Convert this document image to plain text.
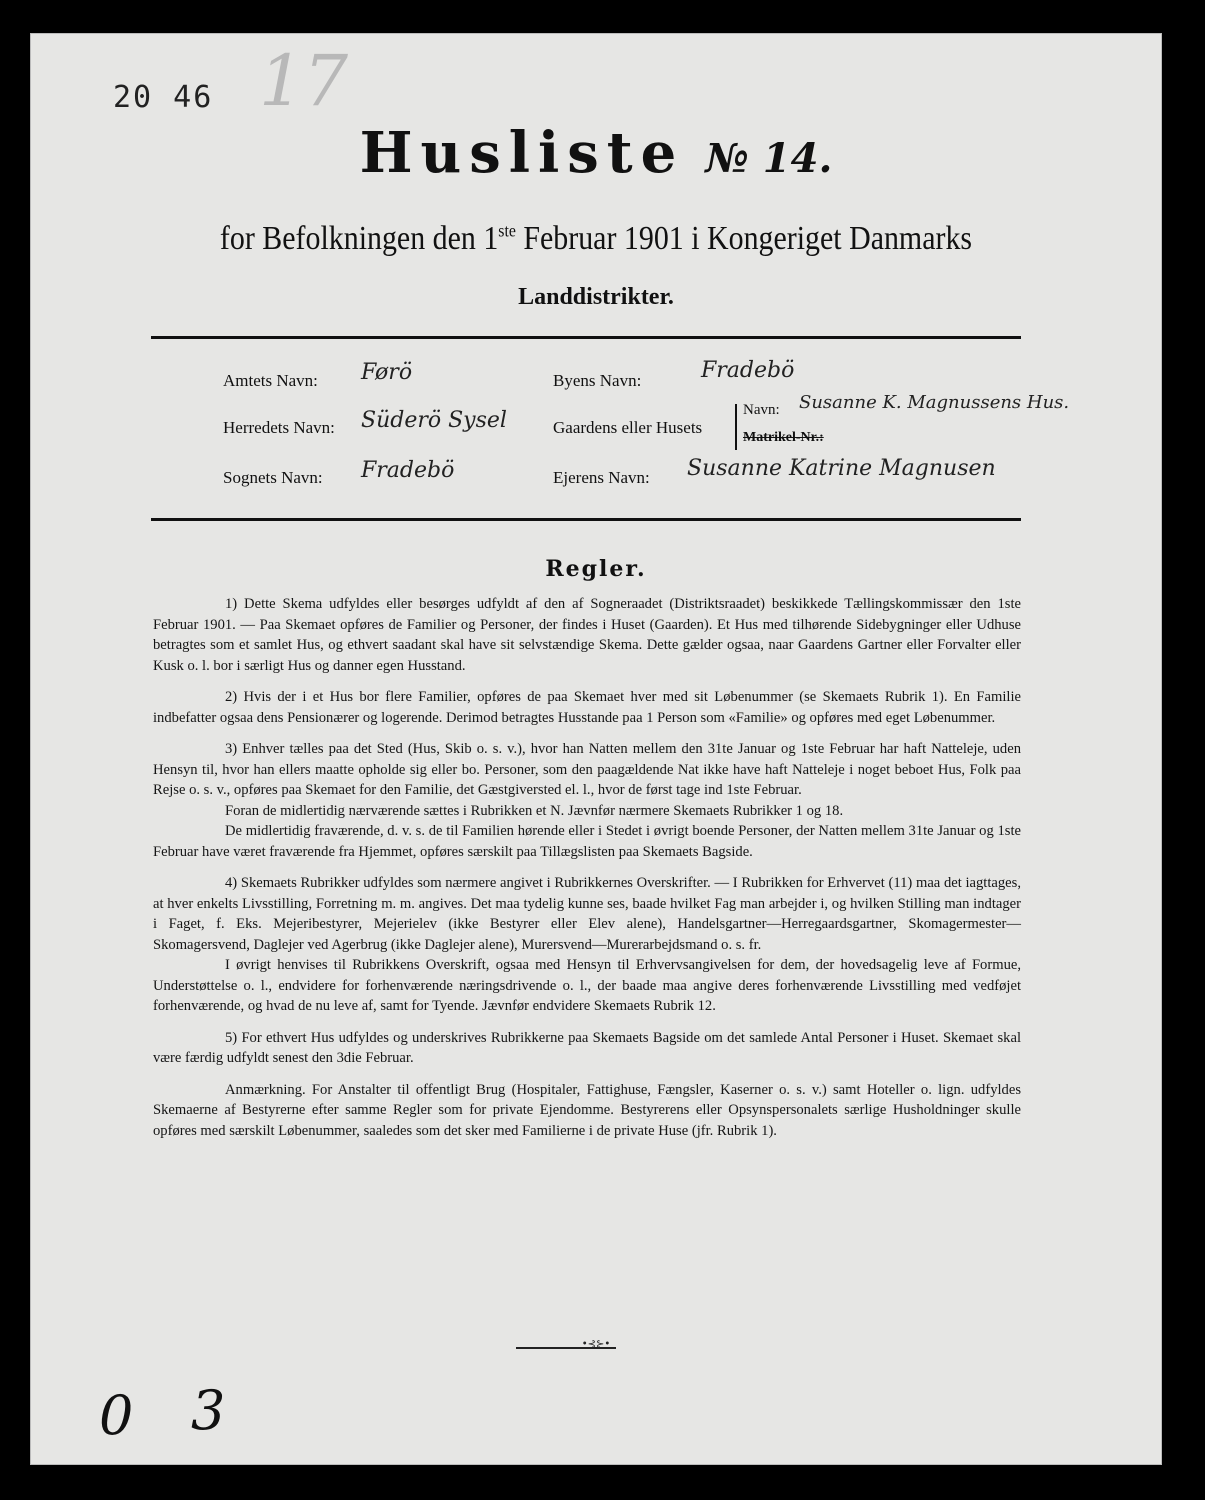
20 46 17
Husliste № 14.
for Befolkningen den 1ste Februar 1901 i Kongeriget Danmarks
Landdistrikter.
Amtets Navn: Førö
Herredets Navn: Süderö Sysel
Sognets Navn: Fradebö
Byens Navn:	Fradebö
Gaardens eller Husets
Navn: Susanne K. Magnussens Hus.
Matrikel-Nr.:
Ejerens Navn: Susanne Katrine Magnusen
Regler.

1) Dette Skema udfyldes eller besørges udfyldt af den af Sogneraadet (Distriktsraadet) beskikkede Tællingskommissær den 1ste Februar 1901. — Paa Skemaet opføres de Familier og Personer, der findes i Huset (Gaarden). Et Hus med tilhørende Sidebygninger eller Udhuse betragtes som et samlet Hus, og ethvert saadant skal have sit selvstændige Skema. Dette gælder ogsaa, naar Gaardens Gartner eller Forvalter eller Kusk o. l. bor i særligt Hus og danner egen Husstand.

2) Hvis der i et Hus bor flere Familier, opføres de paa Skemaet hver med sit Løbenummer (se Skemaets Rubrik 1). En Familie indbefatter ogsaa dens Pensionærer og logerende. Derimod betragtes Husstande paa 1 Person som «Familie» og opføres med eget Løbenummer.

3) Enhver tælles paa det Sted (Hus, Skib o. s. v.), hvor han Natten mellem den 31te Januar og 1ste Februar har haft Natteleje, uden Hensyn til, hvor han ellers maatte opholde sig eller bo. Personer, som den paagældende Nat ikke have haft Natteleje i noget beboet Hus, Folk paa Rejse o. s. v., opføres paa Skemaet for den Familie, det Gæstgiversted el. l., hvor de først tage ind 1ste Februar.

Foran de midlertidig nærværende sættes i Rubrikken et N. Jævnfør nærmere Skemaets Rubrikker 1 og 18.

De midlertidig fraværende, d. v. s. de til Familien hørende eller i Stedet i øvrigt boende Personer, der Natten mellem 31te Januar og 1ste Februar have været fraværende fra Hjemmet, opføres særskilt paa Tillægslisten paa Skemaets Bagside.

4) Skemaets Rubrikker udfyldes som nærmere angivet i Rubrikkernes Overskrifter. — I Rubrikken for Erhvervet (11) maa det iagttages, at hver enkelts Livsstilling, Forretning m. m. angives. Det maa tydelig kunne ses, baade hvilket Fag man arbejder i, og hvilken Stilling man indtager i Faget, f. Eks. Mejeribestyrer, Mejerielev (ikke Bestyrer eller Elev alene), Handelsgartner—Herregaardsgartner, Skomagermester—Skomagersvend, Daglejer ved Agerbrug (ikke Daglejer alene), Murersvend—Murerarbejdsmand o. s. fr.

I øvrigt henvises til Rubrikkens Overskrift, ogsaa med Hensyn til Erhvervsangivelsen for dem, der hovedsagelig leve af Formue, Understøttelse o. l., endvidere for forhenværende næringsdrivende o. l., der baade maa angive deres forhenværende Livsstilling med vedføjet forhenværende, og hvad de nu leve af, samt for Tyende. Jævnfør endvidere Skemaets Rubrik 12.

5) For ethvert Hus udfyldes og underskrives Rubrikkerne paa Skemaets Bagside om det samlede Antal Personer i Huset. Skemaet skal være færdig udfyldt senest den 3die Februar.

Anmærkning. For Anstalter til offentligt Brug (Hospitaler, Fattighuse, Fængsler, Kaserner o. s. v.) samt Hoteller o. lign. udfyldes Skemaerne af Bestyrerne efter samme Regler som for private Ejendomme. Bestyrerens eller Opsynspersonalets særlige Husholdninger skulle opføres med særskilt Løbenummer, saaledes som det sker med Familierne i de private Huse (jfr. Rubrik 1).

•⊰⊱•
0 3
